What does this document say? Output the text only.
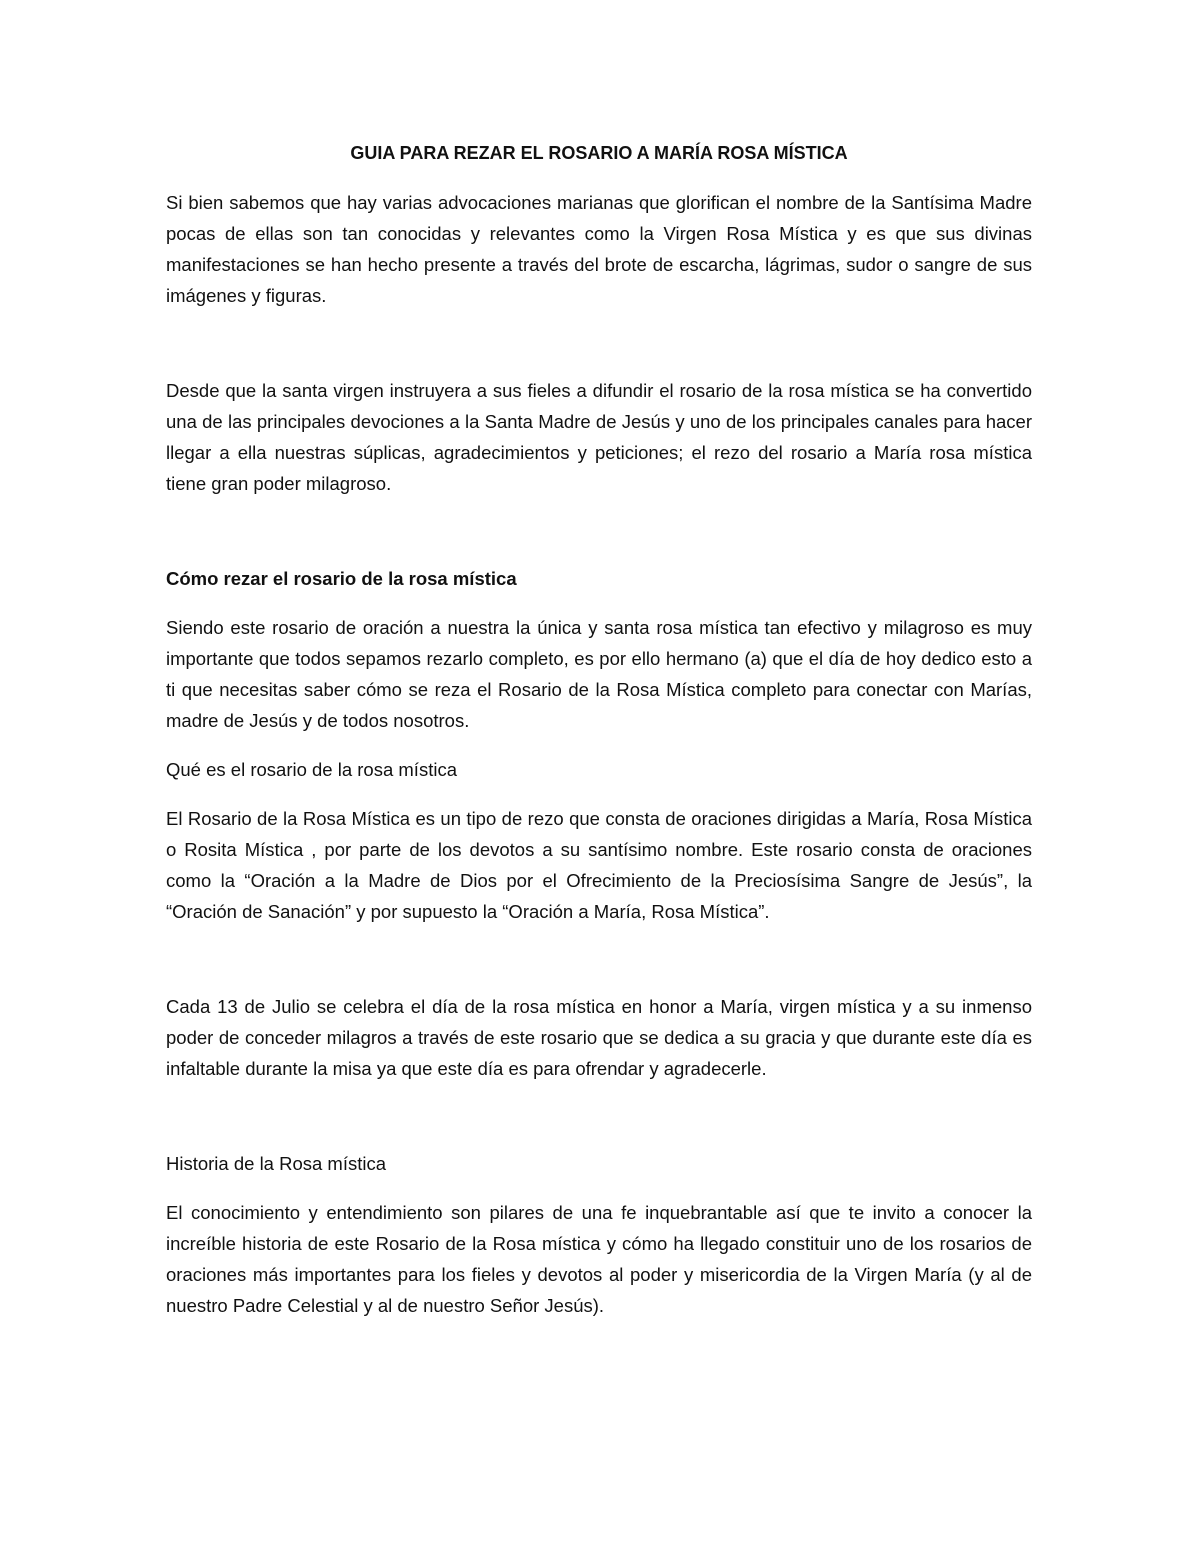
GUIA PARA REZAR EL ROSARIO A MARÍA ROSA MÍSTICA

Si bien sabemos que hay varias advocaciones marianas que glorifican el nombre de la Santísima Madre pocas de ellas son tan conocidas y relevantes como la Virgen Rosa Mística y es que sus divinas manifestaciones se han hecho presente a través del brote de escarcha, lágrimas, sudor o sangre de sus imágenes y figuras.

Desde que la santa virgen instruyera a sus fieles a difundir el rosario de la rosa mística se ha convertido una de las principales devociones a la Santa Madre de Jesús y uno de los principales canales para hacer llegar a ella nuestras súplicas, agradecimientos y peticiones; el rezo del rosario a María rosa mística tiene gran poder milagroso.

Cómo rezar el rosario de la rosa mística

Siendo este rosario de oración a nuestra la única y santa rosa mística tan efectivo y milagroso es muy importante que todos sepamos rezarlo completo, es por ello hermano (a) que el día de hoy dedico esto a ti que necesitas saber cómo se reza el Rosario de la Rosa Mística completo para conectar con Marías, madre de Jesús y de todos nosotros.

Qué es el rosario de la rosa mística

El Rosario de la Rosa Mística es un tipo de rezo que consta de oraciones dirigidas a María, Rosa Mística o Rosita Mística , por parte de los devotos a su santísimo nombre. Este rosario consta de oraciones como la “Oración a la Madre de Dios por el Ofrecimiento de la Preciosísima Sangre de Jesús”, la “Oración de Sanación” y por supuesto la “Oración a María, Rosa Mística”.

Cada 13 de Julio se celebra el día de la rosa mística en honor a María, virgen mística y a su inmenso poder de conceder milagros a través de este rosario que se dedica a su gracia y que durante este día es infaltable durante la misa ya que este día es para ofrendar y agradecerle.

Historia de la Rosa mística

El conocimiento y entendimiento son pilares de una fe inquebrantable así que te invito a conocer la increíble historia de este Rosario de la Rosa mística y cómo ha llegado constituir uno de los rosarios de oraciones más importantes para los fieles y devotos al poder y misericordia de la Virgen María (y al de nuestro Padre Celestial y al de nuestro Señor Jesús).
